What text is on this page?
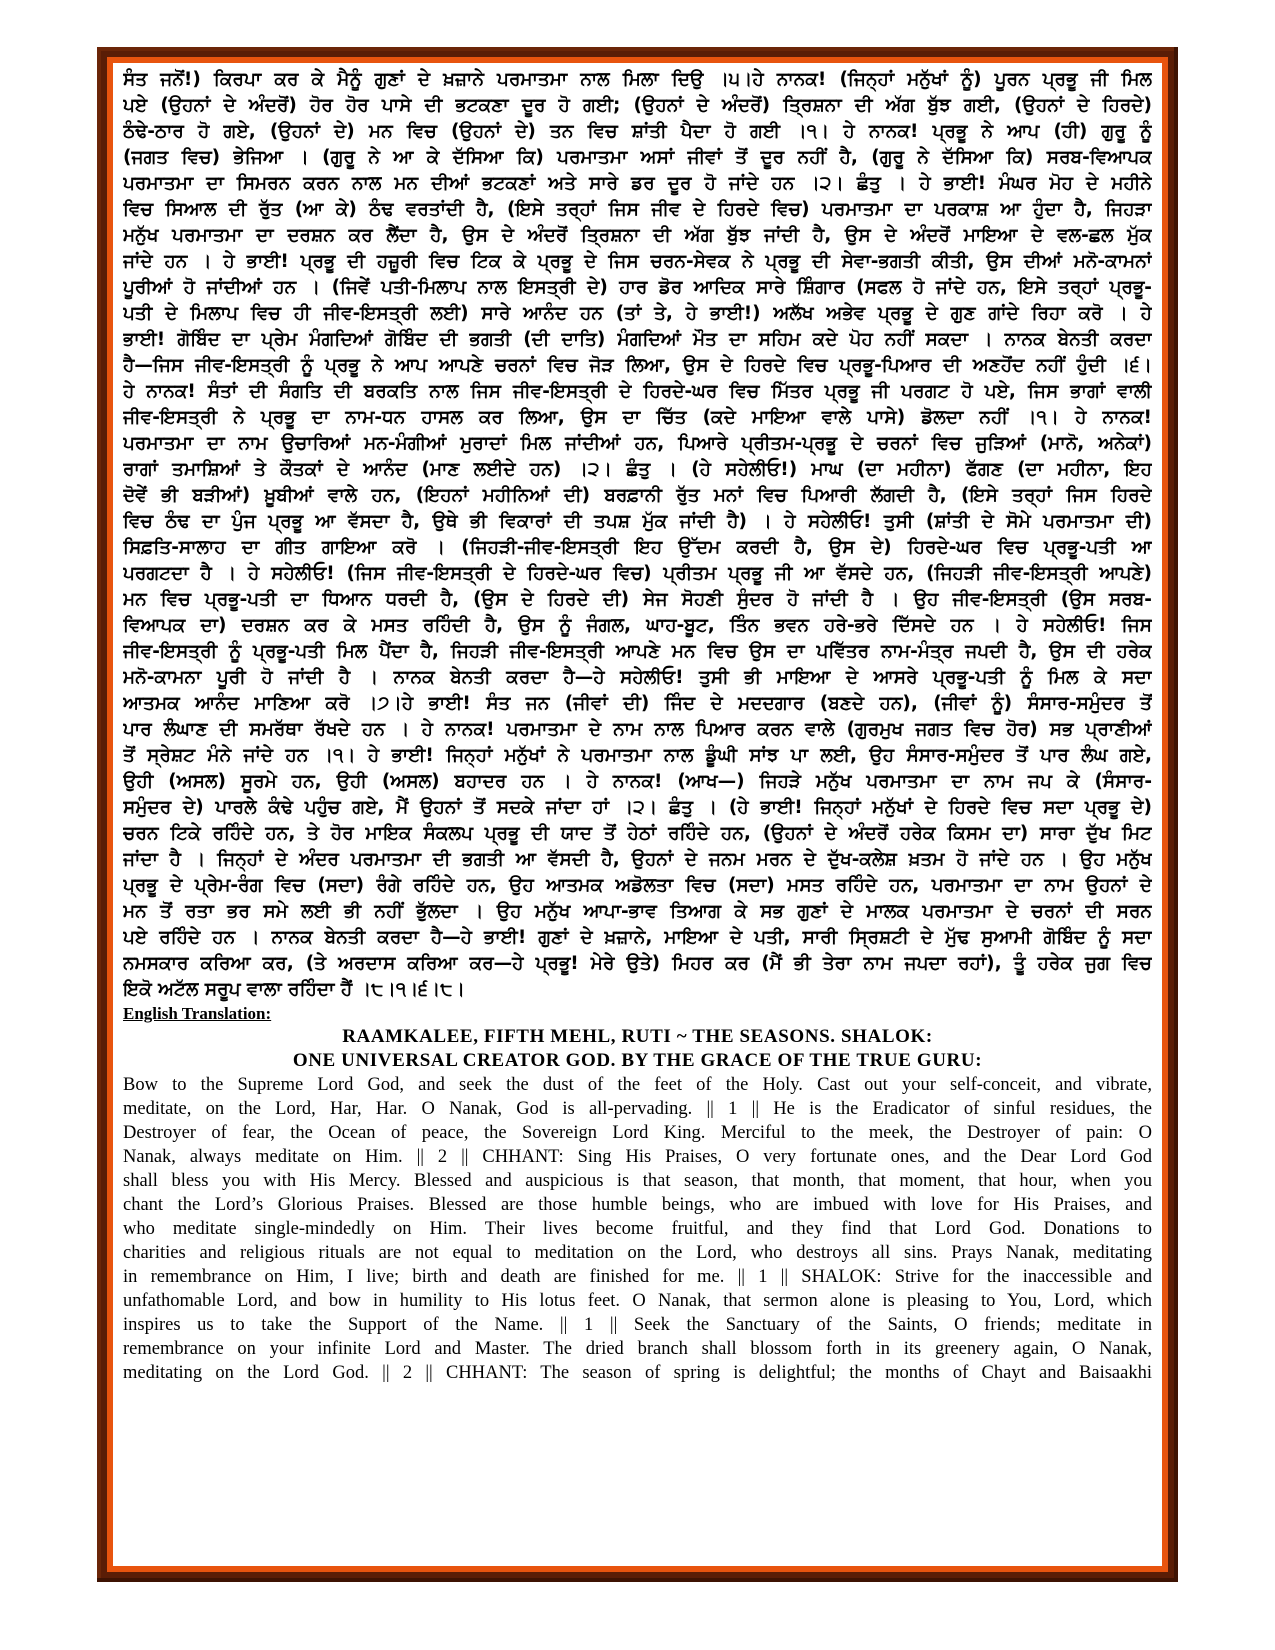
ਸੰਤ ਜਨੋਂ!) ਕਿਰਪਾ ਕਰ ਕੇ ਮੈਨੂੰ ਗੁਣਾਂ ਦੇ ਖ਼ਜ਼ਾਨੇ ਪਰਮਾਤਮਾ ਨਾਲ ਮਿਲਾ ਦਿਉ ।੫।ਹੇ ਨਾਨਕ! (ਜਿਨ੍ਹਾਂ ਮਨੁੱਖਾਂ ਨੂੰ) ਪੂਰਨ ਪ੍ਰਭੂ ਜੀ ਮਿਲ
ਪਏ (ਉਹਨਾਂ ਦੇ ਅੰਦਰੋਂ) ਹੋਰ ਹੋਰ ਪਾਸੇ ਦੀ ਭਟਕਣਾ ਦੂਰ ਹੋ ਗਈ; (ਉਹਨਾਂ ਦੇ ਅੰਦਰੋਂ) ਤ੍ਰਿਸ਼ਨਾ ਦੀ ਅੱਗ ਬੁੱਝ ਗਈ, (ਉਹਨਾਂ ਦੇ ਹਿਰਦੇ)
ਠੰਢੇ-ਠਾਰ ਹੋ ਗਏ, (ਉਹਨਾਂ ਦੇ) ਮਨ ਵਿਚ (ਉਹਨਾਂ ਦੇ) ਤਨ ਵਿਚ ਸ਼ਾਂਤੀ ਪੈਦਾ ਹੋ ਗਈ ।੧। ਹੇ ਨਾਨਕ! ਪ੍ਰਭੂ ਨੇ ਆਪ (ਹੀ) ਗੁਰੂ ਨੂੰ
(ਜਗਤ ਵਿਚ) ਭੇਜਿਆ । (ਗੁਰੂ ਨੇ ਆ ਕੇ ਦੱਸਿਆ ਕਿ) ਪਰਮਾਤਮਾ ਅਸਾਂ ਜੀਵਾਂ ਤੋਂ ਦੂਰ ਨਹੀਂ ਹੈ, (ਗੁਰੂ ਨੇ ਦੱਸਿਆ ਕਿ) ਸਰਬ-ਵਿਆਪਕ
ਪਰਮਾਤਮਾ ਦਾ ਸਿਮਰਨ ਕਰਨ ਨਾਲ ਮਨ ਦੀਆਂ ਭਟਕਣਾਂ ਅਤੇ ਸਾਰੇ ਡਰ ਦੂਰ ਹੋ ਜਾਂਦੇ ਹਨ ।੨। ਛੰਤੁ । ਹੇ ਭਾਈ! ਮੰਘਰ ਮੋਹ ਦੇ ਮਹੀਨੇ
ਵਿਚ ਸਿਆਲ ਦੀ ਰੁੱਤ (ਆ ਕੇ) ਠੰਢ ਵਰਤਾਂਦੀ ਹੈ, (ਇਸੇ ਤਰ੍ਹਾਂ ਜਿਸ ਜੀਵ ਦੇ ਹਿਰਦੇ ਵਿਚ) ਪਰਮਾਤਮਾ ਦਾ ਪਰਕਾਸ਼ ਆ ਹੁੰਦਾ ਹੈ, ਜਿਹੜਾ
ਮਨੁੱਖ ਪਰਮਾਤਮਾ ਦਾ ਦਰਸ਼ਨ ਕਰ ਲੈਂਦਾ ਹੈ, ਉਸ ਦੇ ਅੰਦਰੋਂ ਤ੍ਰਿਸ਼ਨਾ ਦੀ ਅੱਗ ਬੁੱਝ ਜਾਂਦੀ ਹੈ, ਉਸ ਦੇ ਅੰਦਰੋਂ ਮਾਇਆ ਦੇ ਵਲ-ਛਲ ਮੁੱਕ
ਜਾਂਦੇ ਹਨ । ਹੇ ਭਾਈ! ਪ੍ਰਭੂ ਦੀ ਹਜ਼ੂਰੀ ਵਿਚ ਟਿਕ ਕੇ ਪ੍ਰਭੂ ਦੇ ਜਿਸ ਚਰਨ-ਸੇਵਕ ਨੇ ਪ੍ਰਭੂ ਦੀ ਸੇਵਾ-ਭਗਤੀ ਕੀਤੀ, ਉਸ ਦੀਆਂ ਮਨੋ-ਕਾਮਨਾਂ
ਪੂਰੀਆਂ ਹੋ ਜਾਂਦੀਆਂ ਹਨ । (ਜਿਵੇਂ ਪਤੀ-ਮਿਲਾਪ ਨਾਲ ਇਸਤ੍ਰੀ ਦੇ) ਹਾਰ ਡੋਰ ਆਦਿਕ ਸਾਰੇ ਸ਼ਿੰਗਾਰ (ਸਫਲ ਹੋ ਜਾਂਦੇ ਹਨ, ਇਸੇ ਤਰ੍ਹਾਂ ਪ੍ਰਭੂ-
ਪਤੀ ਦੇ ਮਿਲਾਪ ਵਿਚ ਹੀ ਜੀਵ-ਇਸਤ੍ਰੀ ਲਈ) ਸਾਰੇ ਆਨੰਦ ਹਨ (ਤਾਂ ਤੇ, ਹੇ ਭਾਈ!) ਅਲੱਖ ਅਭੇਵ ਪ੍ਰਭੂ ਦੇ ਗੁਣ ਗਾਂਦੇ ਰਿਹਾ ਕਰੋ । ਹੇ
ਭਾਈ! ਗੋਬਿੰਦ ਦਾ ਪ੍ਰੇਮ ਮੰਗਦਿਆਂ ਗੋਬਿੰਦ ਦੀ ਭਗਤੀ (ਦੀ ਦਾਤਿ) ਮੰਗਦਿਆਂ ਮੌਤ ਦਾ ਸਹਿਮ ਕਦੇ ਪੋਹ ਨਹੀਂ ਸਕਦਾ । ਨਾਨਕ ਬੇਨਤੀ ਕਰਦਾ
ਹੈ—ਜਿਸ ਜੀਵ-ਇਸਤ੍ਰੀ ਨੂੰ ਪ੍ਰਭੂ ਨੇ ਆਪ ਆਪਣੇ ਚਰਨਾਂ ਵਿਚ ਜੋੜ ਲਿਆ, ਉਸ ਦੇ ਹਿਰਦੇ ਵਿਚ ਪ੍ਰਭੂ-ਪਿਆਰ ਦੀ ਅਣਹੋਂਦ ਨਹੀਂ ਹੁੰਦੀ ।੬।
ਹੇ ਨਾਨਕ! ਸੰਤਾਂ ਦੀ ਸੰਗਤਿ ਦੀ ਬਰਕਤਿ ਨਾਲ ਜਿਸ ਜੀਵ-ਇਸਤ੍ਰੀ ਦੇ ਹਿਰਦੇ-ਘਰ ਵਿਚ ਮਿੱਤਰ ਪ੍ਰਭੂ ਜੀ ਪਰਗਟ ਹੋ ਪਏ, ਜਿਸ ਭਾਗਾਂ ਵਾਲੀ
ਜੀਵ-ਇਸਤ੍ਰੀ ਨੇ ਪ੍ਰਭੂ ਦਾ ਨਾਮ-ਧਨ ਹਾਸਲ ਕਰ ਲਿਆ, ਉਸ ਦਾ ਚਿੱਤ (ਕਦੇ ਮਾਇਆ ਵਾਲੇ ਪਾਸੇ) ਡੋਲਦਾ ਨਹੀਂ ।੧। ਹੇ ਨਾਨਕ!
ਪਰਮਾਤਮਾ ਦਾ ਨਾਮ ਉਚਾਰਿਆਂ ਮਨ-ਮੰਗੀਆਂ ਮੁਰਾਦਾਂ ਮਿਲ ਜਾਂਦੀਆਂ ਹਨ, ਪਿਆਰੇ ਪ੍ਰੀਤਮ-ਪ੍ਰਭੂ ਦੇ ਚਰਨਾਂ ਵਿਚ ਜੁੜਿਆਂ (ਮਾਨੋ, ਅਨੇਕਾਂ)
ਰਾਗਾਂ ਤਮਾਸ਼ਿਆਂ ਤੇ ਕੌਤਕਾਂ ਦੇ ਆਨੰਦ (ਮਾਣ ਲਈਦੇ ਹਨ) ।੨। ਛੰਤੁ । (ਹੇ ਸਹੇਲੀਓ!) ਮਾਘ (ਦਾ ਮਹੀਨਾ) ਫੱਗਣ (ਦਾ ਮਹੀਨਾ, ਇਹ
ਦੋਵੇਂ ਭੀ ਬੜੀਆਂ) ਖ਼ੂਬੀਆਂ ਵਾਲੇ ਹਨ, (ਇਹਨਾਂ ਮਹੀਨਿਆਂ ਦੀ) ਬਰਫ਼ਾਨੀ ਰੁੱਤ ਮਨਾਂ ਵਿਚ ਪਿਆਰੀ ਲੱਗਦੀ ਹੈ, (ਇਸੇ ਤਰ੍ਹਾਂ ਜਿਸ ਹਿਰਦੇ
ਵਿਚ ਠੰਢ ਦਾ ਪੁੰਜ ਪ੍ਰਭੂ ਆ ਵੱਸਦਾ ਹੈ, ਉਥੇ ਭੀ ਵਿਕਾਰਾਂ ਦੀ ਤਪਸ਼ ਮੁੱਕ ਜਾਂਦੀ ਹੈ) । ਹੇ ਸਹੇਲੀਓ! ਤੁਸੀ (ਸ਼ਾਂਤੀ ਦੇ ਸੋਮੇ ਪਰਮਾਤਮਾ ਦੀ)
ਸਿਫ਼ਤਿ-ਸਾਲਾਹ ਦਾ ਗੀਤ ਗਾਇਆ ਕਰੋ । (ਜਿਹੜੀ-ਜੀਵ-ਇਸਤ੍ਰੀ ਇਹ ਉੱਦਮ ਕਰਦੀ ਹੈ, ਉਸ ਦੇ) ਹਿਰਦੇ-ਘਰ ਵਿਚ ਪ੍ਰਭੂ-ਪਤੀ ਆ
ਪਰਗਟਦਾ ਹੈ । ਹੇ ਸਹੇਲੀਓ! (ਜਿਸ ਜੀਵ-ਇਸਤ੍ਰੀ ਦੇ ਹਿਰਦੇ-ਘਰ ਵਿਚ) ਪ੍ਰੀਤਮ ਪ੍ਰਭੂ ਜੀ ਆ ਵੱਸਦੇ ਹਨ, (ਜਿਹੜੀ ਜੀਵ-ਇਸਤ੍ਰੀ ਆਪਣੇ)
ਮਨ ਵਿਚ ਪ੍ਰਭੂ-ਪਤੀ ਦਾ ਧਿਆਨ ਧਰਦੀ ਹੈ, (ਉਸ ਦੇ ਹਿਰਦੇ ਦੀ) ਸੇਜ ਸੋਹਣੀ ਸੁੰਦਰ ਹੋ ਜਾਂਦੀ ਹੈ । ਉਹ ਜੀਵ-ਇਸਤ੍ਰੀ (ਉਸ ਸਰਬ-
ਵਿਆਪਕ ਦਾ) ਦਰਸ਼ਨ ਕਰ ਕੇ ਮਸਤ ਰਹਿੰਦੀ ਹੈ, ਉਸ ਨੂੰ ਜੰਗਲ, ਘਾਹ-ਬੂਟ, ਤਿੰਨ ਭਵਨ ਹਰੇ-ਭਰੇ ਦਿੱਸਦੇ ਹਨ । ਹੇ ਸਹੇਲੀਓ! ਜਿਸ
ਜੀਵ-ਇਸਤ੍ਰੀ ਨੂੰ ਪ੍ਰਭੂ-ਪਤੀ ਮਿਲ ਪੈਂਦਾ ਹੈ, ਜਿਹੜੀ ਜੀਵ-ਇਸਤ੍ਰੀ ਆਪਣੇ ਮਨ ਵਿਚ ਉਸ ਦਾ ਪਵਿੱਤਰ ਨਾਮ-ਮੰਤ੍ਰ ਜਪਦੀ ਹੈ, ਉਸ ਦੀ ਹਰੇਕ
ਮਨੋ-ਕਾਮਨਾ ਪੂਰੀ ਹੋ ਜਾਂਦੀ ਹੈ । ਨਾਨਕ ਬੇਨਤੀ ਕਰਦਾ ਹੈ—ਹੇ ਸਹੇਲੀਓ! ਤੁਸੀ ਭੀ ਮਾਇਆ ਦੇ ਆਸਰੇ ਪ੍ਰਭੂ-ਪਤੀ ਨੂੰ ਮਿਲ ਕੇ ਸਦਾ
ਆਤਮਕ ਆਨੰਦ ਮਾਣਿਆ ਕਰੋ ।੭।ਹੇ ਭਾਈ! ਸੰਤ ਜਨ (ਜੀਵਾਂ ਦੀ) ਜਿੰਦ ਦੇ ਮਦਦਗਾਰ (ਬਣਦੇ ਹਨ), (ਜੀਵਾਂ ਨੂੰ) ਸੰਸਾਰ-ਸਮੁੰਦਰ ਤੋਂ
ਪਾਰ ਲੰਘਾਣ ਦੀ ਸਮਰੱਥਾ ਰੱਖਦੇ ਹਨ । ਹੇ ਨਾਨਕ! ਪਰਮਾਤਮਾ ਦੇ ਨਾਮ ਨਾਲ ਪਿਆਰ ਕਰਨ ਵਾਲੇ (ਗੁਰਮੁਖ ਜਗਤ ਵਿਚ ਹੋਰ) ਸਭ ਪ੍ਰਾਣੀਆਂ
ਤੋਂ ਸ੍ਰੇਸ਼ਟ ਮੰਨੇ ਜਾਂਦੇ ਹਨ ।੧। ਹੇ ਭਾਈ! ਜਿਨ੍ਹਾਂ ਮਨੁੱਖਾਂ ਨੇ ਪਰਮਾਤਮਾ ਨਾਲ ਡੂੰਘੀ ਸਾਂਝ ਪਾ ਲਈ, ਉਹ ਸੰਸਾਰ-ਸਮੁੰਦਰ ਤੋਂ ਪਾਰ ਲੰਘ ਗਏ,
ਉਹੀ (ਅਸਲ) ਸੂਰਮੇ ਹਨ, ਉਹੀ (ਅਸਲ) ਬਹਾਦਰ ਹਨ । ਹੇ ਨਾਨਕ! (ਆਖ—) ਜਿਹੜੇ ਮਨੁੱਖ ਪਰਮਾਤਮਾ ਦਾ ਨਾਮ ਜਪ ਕੇ (ਸੰਸਾਰ-
ਸਮੁੰਦਰ ਦੇ) ਪਾਰਲੇ ਕੰਢੇ ਪਹੁੰਚ ਗਏ, ਮੈਂ ਉਹਨਾਂ ਤੋਂ ਸਦਕੇ ਜਾਂਦਾ ਹਾਂ ।੨। ਛੰਤੁ । (ਹੇ ਭਾਈ! ਜਿਨ੍ਹਾਂ ਮਨੁੱਖਾਂ ਦੇ ਹਿਰਦੇ ਵਿਚ ਸਦਾ ਪ੍ਰਭੂ ਦੇ)
ਚਰਨ ਟਿਕੇ ਰਹਿੰਦੇ ਹਨ, ਤੇ ਹੋਰ ਮਾਇਕ ਸੰਕਲਪ ਪ੍ਰਭੂ ਦੀ ਯਾਦ ਤੋਂ ਹੇਠਾਂ ਰਹਿੰਦੇ ਹਨ, (ਉਹਨਾਂ ਦੇ ਅੰਦਰੋਂ ਹਰੇਕ ਕਿਸਮ ਦਾ) ਸਾਰਾ ਦੁੱਖ ਮਿਟ
ਜਾਂਦਾ ਹੈ । ਜਿਨ੍ਹਾਂ ਦੇ ਅੰਦਰ ਪਰਮਾਤਮਾ ਦੀ ਭਗਤੀ ਆ ਵੱਸਦੀ ਹੈ, ਉਹਨਾਂ ਦੇ ਜਨਮ ਮਰਨ ਦੇ ਦੁੱਖ-ਕਲੇਸ਼ ਖ਼ਤਮ ਹੋ ਜਾਂਦੇ ਹਨ । ਉਹ ਮਨੁੱਖ
ਪ੍ਰਭੂ ਦੇ ਪ੍ਰੇਮ-ਰੰਗ ਵਿਚ (ਸਦਾ) ਰੰਗੇ ਰਹਿੰਦੇ ਹਨ, ਉਹ ਆਤਮਕ ਅਡੋਲਤਾ ਵਿਚ (ਸਦਾ) ਮਸਤ ਰਹਿੰਦੇ ਹਨ, ਪਰਮਾਤਮਾ ਦਾ ਨਾਮ ਉਹਨਾਂ ਦੇ
ਮਨ ਤੋਂ ਰਤਾ ਭਰ ਸਮੇ ਲਈ ਭੀ ਨਹੀਂ ਭੁੱਲਦਾ । ਉਹ ਮਨੁੱਖ ਆਪਾ-ਭਾਵ ਤਿਆਗ ਕੇ ਸਭ ਗੁਣਾਂ ਦੇ ਮਾਲਕ ਪਰਮਾਤਮਾ ਦੇ ਚਰਨਾਂ ਦੀ ਸਰਨ
ਪਏ ਰਹਿੰਦੇ ਹਨ । ਨਾਨਕ ਬੇਨਤੀ ਕਰਦਾ ਹੈ—ਹੇ ਭਾਈ! ਗੁਣਾਂ ਦੇ ਖ਼ਜ਼ਾਨੇ, ਮਾਇਆ ਦੇ ਪਤੀ, ਸਾਰੀ ਸ੍ਰਿਸ਼ਟੀ ਦੇ ਮੁੱਢ ਸੁਆਮੀ ਗੋਬਿੰਦ ਨੂੰ ਸਦਾ
ਨਮਸਕਾਰ ਕਰਿਆ ਕਰ, (ਤੇ ਅਰਦਾਸ ਕਰਿਆ ਕਰ—ਹੇ ਪ੍ਰਭੂ! ਮੇਰੇ ਉਤੇ) ਮਿਹਰ ਕਰ (ਮੈਂ ਭੀ ਤੇਰਾ ਨਾਮ ਜਪਦਾ ਰਹਾਂ), ਤੂੰ ਹਰੇਕ ਜੁਗ ਵਿਚ
ਇਕੋ ਅਟੱਲ ਸਰੂਪ ਵਾਲਾ ਰਹਿੰਦਾ ਹੈਂ ।੮।੧।੬।੮।
English Translation:
RAAMKALEE, FIFTH MEHL, RUTI ~ THE SEASONS. SHALOK:
ONE UNIVERSAL CREATOR GOD. BY THE GRACE OF THE TRUE GURU:
Bow to the Supreme Lord God, and seek the dust of the feet of the Holy. Cast out your self-conceit, and vibrate,
meditate, on the Lord, Har, Har. O Nanak, God is all-pervading. || 1 || He is the Eradicator of sinful residues, the
Destroyer of fear, the Ocean of peace, the Sovereign Lord King. Merciful to the meek, the Destroyer of pain: O
Nanak, always meditate on Him. || 2 || CHHANT: Sing His Praises, O very fortunate ones, and the Dear Lord God
shall bless you with His Mercy. Blessed and auspicious is that season, that month, that moment, that hour, when you
chant the Lord’s Glorious Praises. Blessed are those humble beings, who are imbued with love for His Praises, and
who meditate single-mindedly on Him. Their lives become fruitful, and they find that Lord God. Donations to
charities and religious rituals are not equal to meditation on the Lord, who destroys all sins. Prays Nanak, meditating
in remembrance on Him, I live; birth and death are finished for me. || 1 || SHALOK: Strive for the inaccessible and
unfathomable Lord, and bow in humility to His lotus feet. O Nanak, that sermon alone is pleasing to You, Lord, which
inspires us to take the Support of the Name. || 1 || Seek the Sanctuary of the Saints, O friends; meditate in
remembrance on your infinite Lord and Master. The dried branch shall blossom forth in its greenery again, O Nanak,
meditating on the Lord God. || 2 || CHHANT: The season of spring is delightful; the months of Chayt and Baisaakhi
